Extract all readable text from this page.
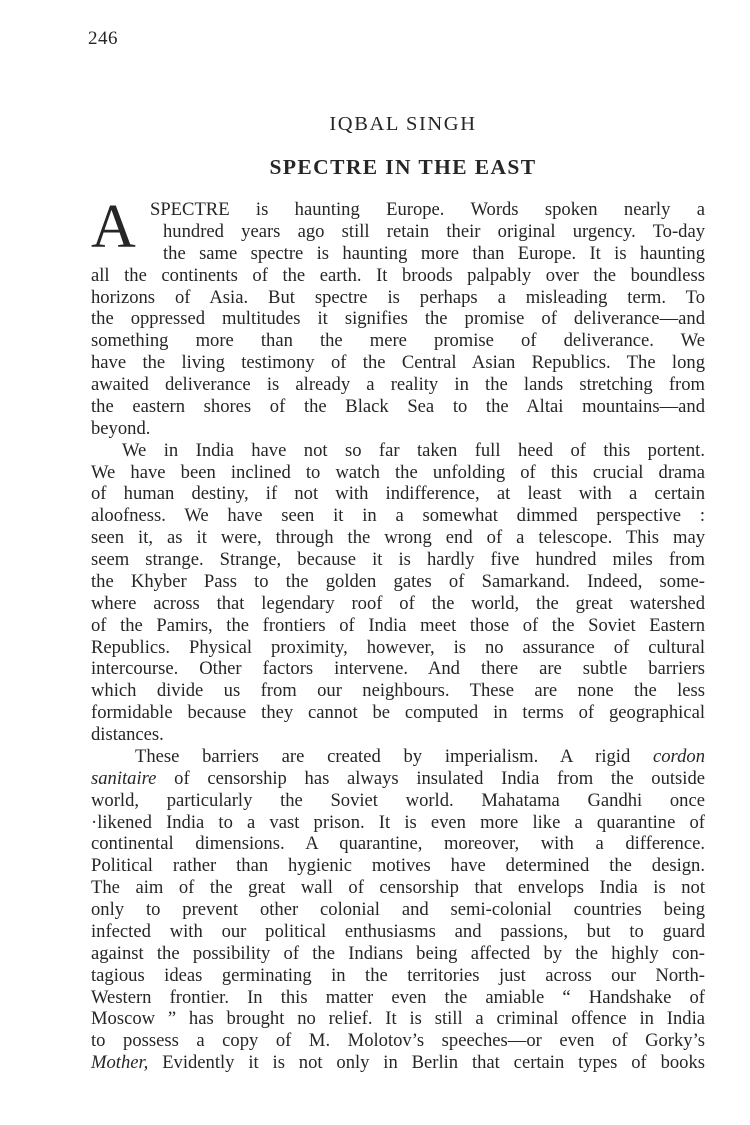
246
IQBAL SINGH
SPECTRE IN THE EAST
A SPECTRE is haunting Europe. Words spoken nearly a
hundred years ago still retain their original urgency. To-day
the same spectre is haunting more than Europe. It is haunting
all the continents of the earth. It broods palpably over the boundless
horizons of Asia. But spectre is perhaps a misleading term. To
the oppressed multitudes it signifies the promise of deliverance—and
something more than the mere promise of deliverance. We
have the living testimony of the Central Asian Republics. The long
awaited deliverance is already a reality in the lands stretching from
the eastern shores of the Black Sea to the Altai mountains—and
beyond.
We in India have not so far taken full heed of this portent.
We have been inclined to watch the unfolding of this crucial drama
of human destiny, if not with indifference, at least with a certain
aloofness. We have seen it in a somewhat dimmed perspective :
seen it, as it were, through the wrong end of a telescope. This may
seem strange. Strange, because it is hardly five hundred miles from
the Khyber Pass to the golden gates of Samarkand. Indeed, some-
where across that legendary roof of the world, the great watershed
of the Pamirs, the frontiers of India meet those of the Soviet Eastern
Republics. Physical proximity, however, is no assurance of cultural
intercourse. Other factors intervene. And there are subtle barriers
which divide us from our neighbours. These are none the less
formidable because they cannot be computed in terms of geographical
distances.
These barriers are created by imperialism. A rigid cordon
sanitaire of censorship has always insulated India from the outside
world, particularly the Soviet world. Mahatama Gandhi once
·likened India to a vast prison. It is even more like a quarantine of
continental dimensions. A quarantine, moreover, with a difference.
Political rather than hygienic motives have determined the design.
The aim of the great wall of censorship that envelops India is not
only to prevent other colonial and semi-colonial countries being
infected with our political enthusiasms and passions, but to guard
against the possibility of the Indians being affected by the highly con-
tagious ideas germinating in the territories just across our North-
Western frontier. In this matter even the amiable “ Handshake of
Moscow ” has brought no relief. It is still a criminal offence in India
to possess a copy of M. Molotov’s speeches—or even of Gorky’s
Mother, Evidently it is not only in Berlin that certain types of books
